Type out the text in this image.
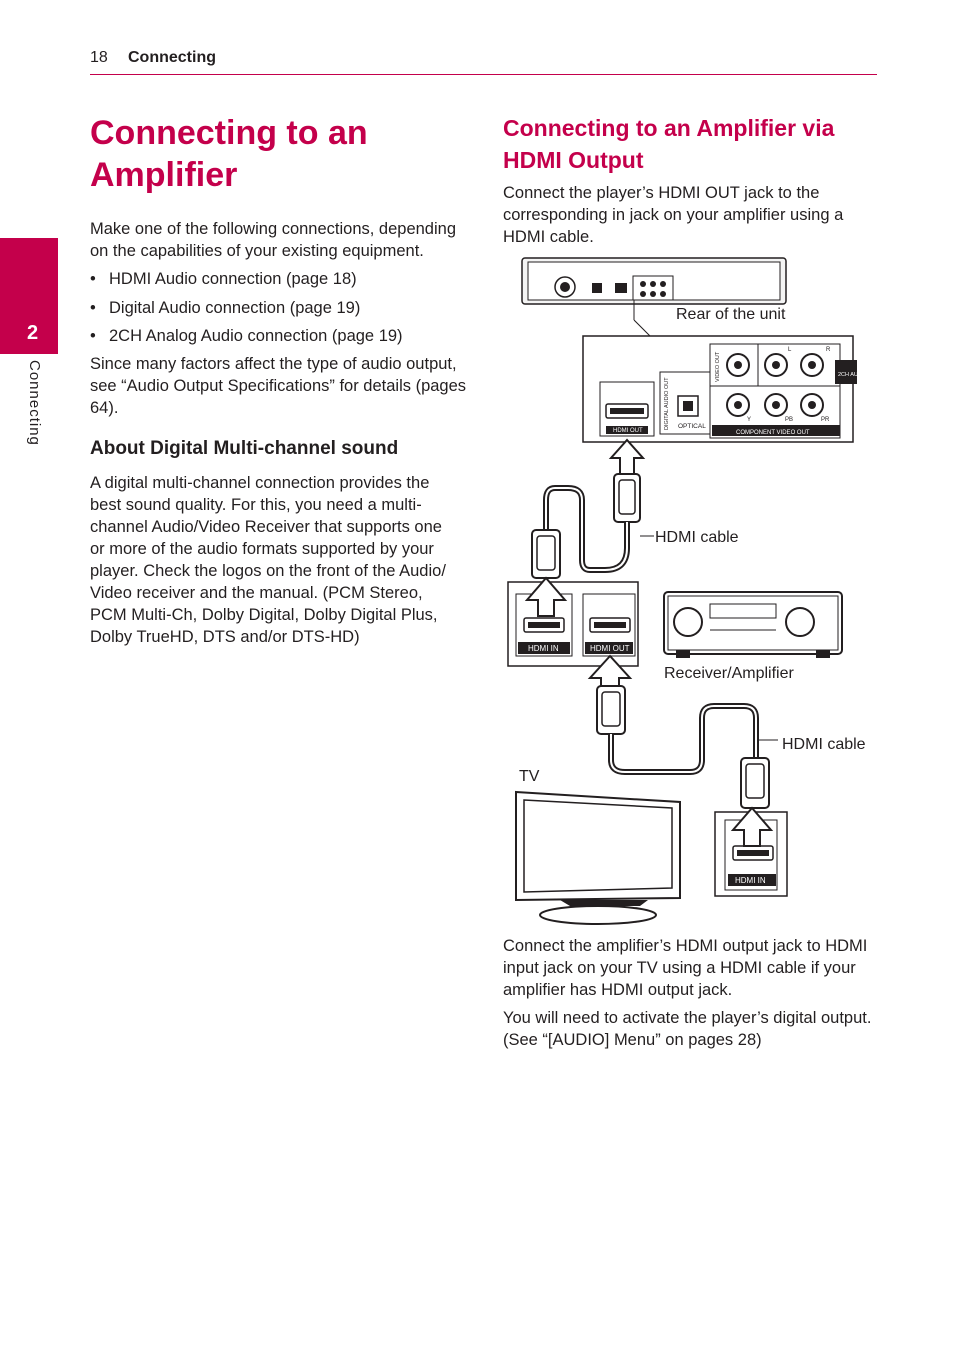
18 Connecting
2
Connecting
Connecting to an Amplifier
Make one of the following connections, depending on the capabilities of your existing equipment.
• HDMI Audio connection (page 18)
• Digital Audio connection (page 19)
• 2CH Analog Audio connection (page 19)
Since many factors affect the type of audio output, see “Audio Output Specifications” for details (pages 64).
About Digital Multi-channel sound
A digital multi-channel connection provides the best sound quality. For this, you need a multi-channel Audio/Video Receiver that supports one or more of the audio formats supported by your player. Check the logos on the front of the Audio/ Video receiver and the manual. (PCM Stereo, PCM Multi-Ch, Dolby Digital, Dolby Digital Plus, Dolby TrueHD, DTS and/or DTS-HD)
Connecting to an Amplifier via HDMI Output
Connect the player’s HDMI OUT jack to the corresponding in jack on your amplifier using a HDMI cable.
HDMI OUT
OPTICAL
DIGITAL AUDIO OUT
VIDEO OUT
COMPONENT VIDEO OUT
2CH AUDIO OUT
L	R
Y	PB	PR
HDMI IN	HDMI OUT
HDMI IN
Rear of the unit
HDMI cable
Receiver/Amplifier
HDMI cable
TV
Connect the amplifier’s HDMI output jack to HDMI input jack on your TV using a HDMI cable if your amplifier has HDMI output jack.
You will need to activate the player’s digital output. (See “[AUDIO] Menu” on pages 28)
